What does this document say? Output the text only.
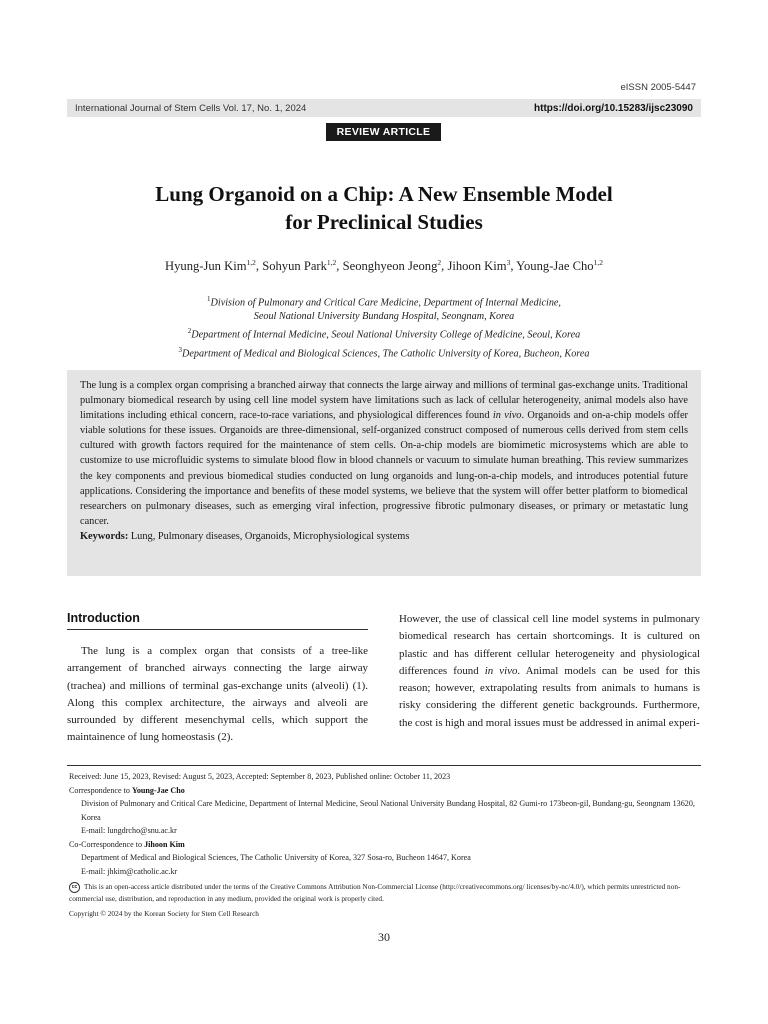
eISSN 2005-5447
International Journal of Stem Cells Vol. 17, No. 1, 2024	https://doi.org/10.15283/ijsc23090
REVIEW ARTICLE
Lung Organoid on a Chip: A New Ensemble Model
for Preclinical Studies
Hyung-Jun Kim$^{1,2}$, Sohyun Park$^{1,2}$, Seonghyeon Jeong$^2$, Jihoon Kim$^3$, Young-Jae Cho$^{1,2}$
$^1$Division of Pulmonary and Critical Care Medicine, Department of Internal Medicine,
Seoul National University Bundang Hospital, Seongnam, Korea
$^2$Department of Internal Medicine, Seoul National University College of Medicine, Seoul, Korea
$^3$Department of Medical and Biological Sciences, The Catholic University of Korea, Bucheon, Korea
The lung is a complex organ comprising a branched airway that connects the large airway and millions of terminal gas-exchange units. Traditional pulmonary biomedical research by using cell line model system have limitations such as lack of cellular heterogeneity, animal models also have limitations including ethical concern, race-to-race variations, and physiological differences found in vivo. Organoids and on-a-chip models offer viable solutions for these issues. Organoids are three-dimensional, self-organized construct composed of numerous cells derived from stem cells cultured with growth factors required for the maintenance of stem cells. On-a-chip models are biomimetic microsystems which are able to customize to use microfluidic systems to simulate blood flow in blood channels or vacuum to simulate human breathing. This review summarizes the key components and previous biomedical studies conducted on lung organoids and lung-on-a-chip models, and introduces potential future applications. Considering the importance and benefits of these model systems, we believe that the system will offer better platform to biomedical researchers on pulmonary diseases, such as emerging viral infection, progressive fibrotic pulmonary diseases, or primary or metastatic lung cancer.
Keywords: Lung, Pulmonary diseases, Organoids, Microphysiological systems
Introduction
The lung is a complex organ that consists of a tree-like arrangement of branched airways connecting the large airway (trachea) and millions of terminal gas-exchange units (alveoli) (1). Along this complex architecture, the airways and alveoli are surrounded by different mesenchymal cells, which support the maintainence of lung homeostasis (2).
However, the use of classical cell line model systems in pulmonary biomedical research has certain shortcomings. It is cultured on plastic and has different cellular heterogeneity and physiological differences found in vivo. Animal models can be used for this reason; however, extrapolating results from animals to humans is risky considering the different genetic backgrounds. Furthermore, the cost is high and moral issues must be addressed in animal experi-
Received: June 15, 2023, Revised: August 5, 2023, Accepted: September 8, 2023, Published online: October 11, 2023
Correspondence to Young-Jae Cho
Division of Pulmonary and Critical Care Medicine, Department of Internal Medicine, Seoul National University Bundang Hospital, 82 Gumi-ro 173beon-gil, Bundang-gu, Seongnam 13620, Korea
E-mail: lungdrcho@snu.ac.kr
Co-Correspondence to Jihoon Kim
Department of Medical and Biological Sciences, The Catholic University of Korea, 327 Sosa-ro, Bucheon 14647, Korea
E-mail: jhkim@catholic.ac.kr
cc This is an open-access article distributed under the terms of the Creative Commons Attribution Non-Commercial License (http://creativecommons.org/ licenses/by-nc/4.0/), which permits unrestricted non-commercial use, distribution, and reproduction in any medium, provided the original work is properly cited.
Copyright © 2024 by the Korean Society for Stem Cell Research
30
